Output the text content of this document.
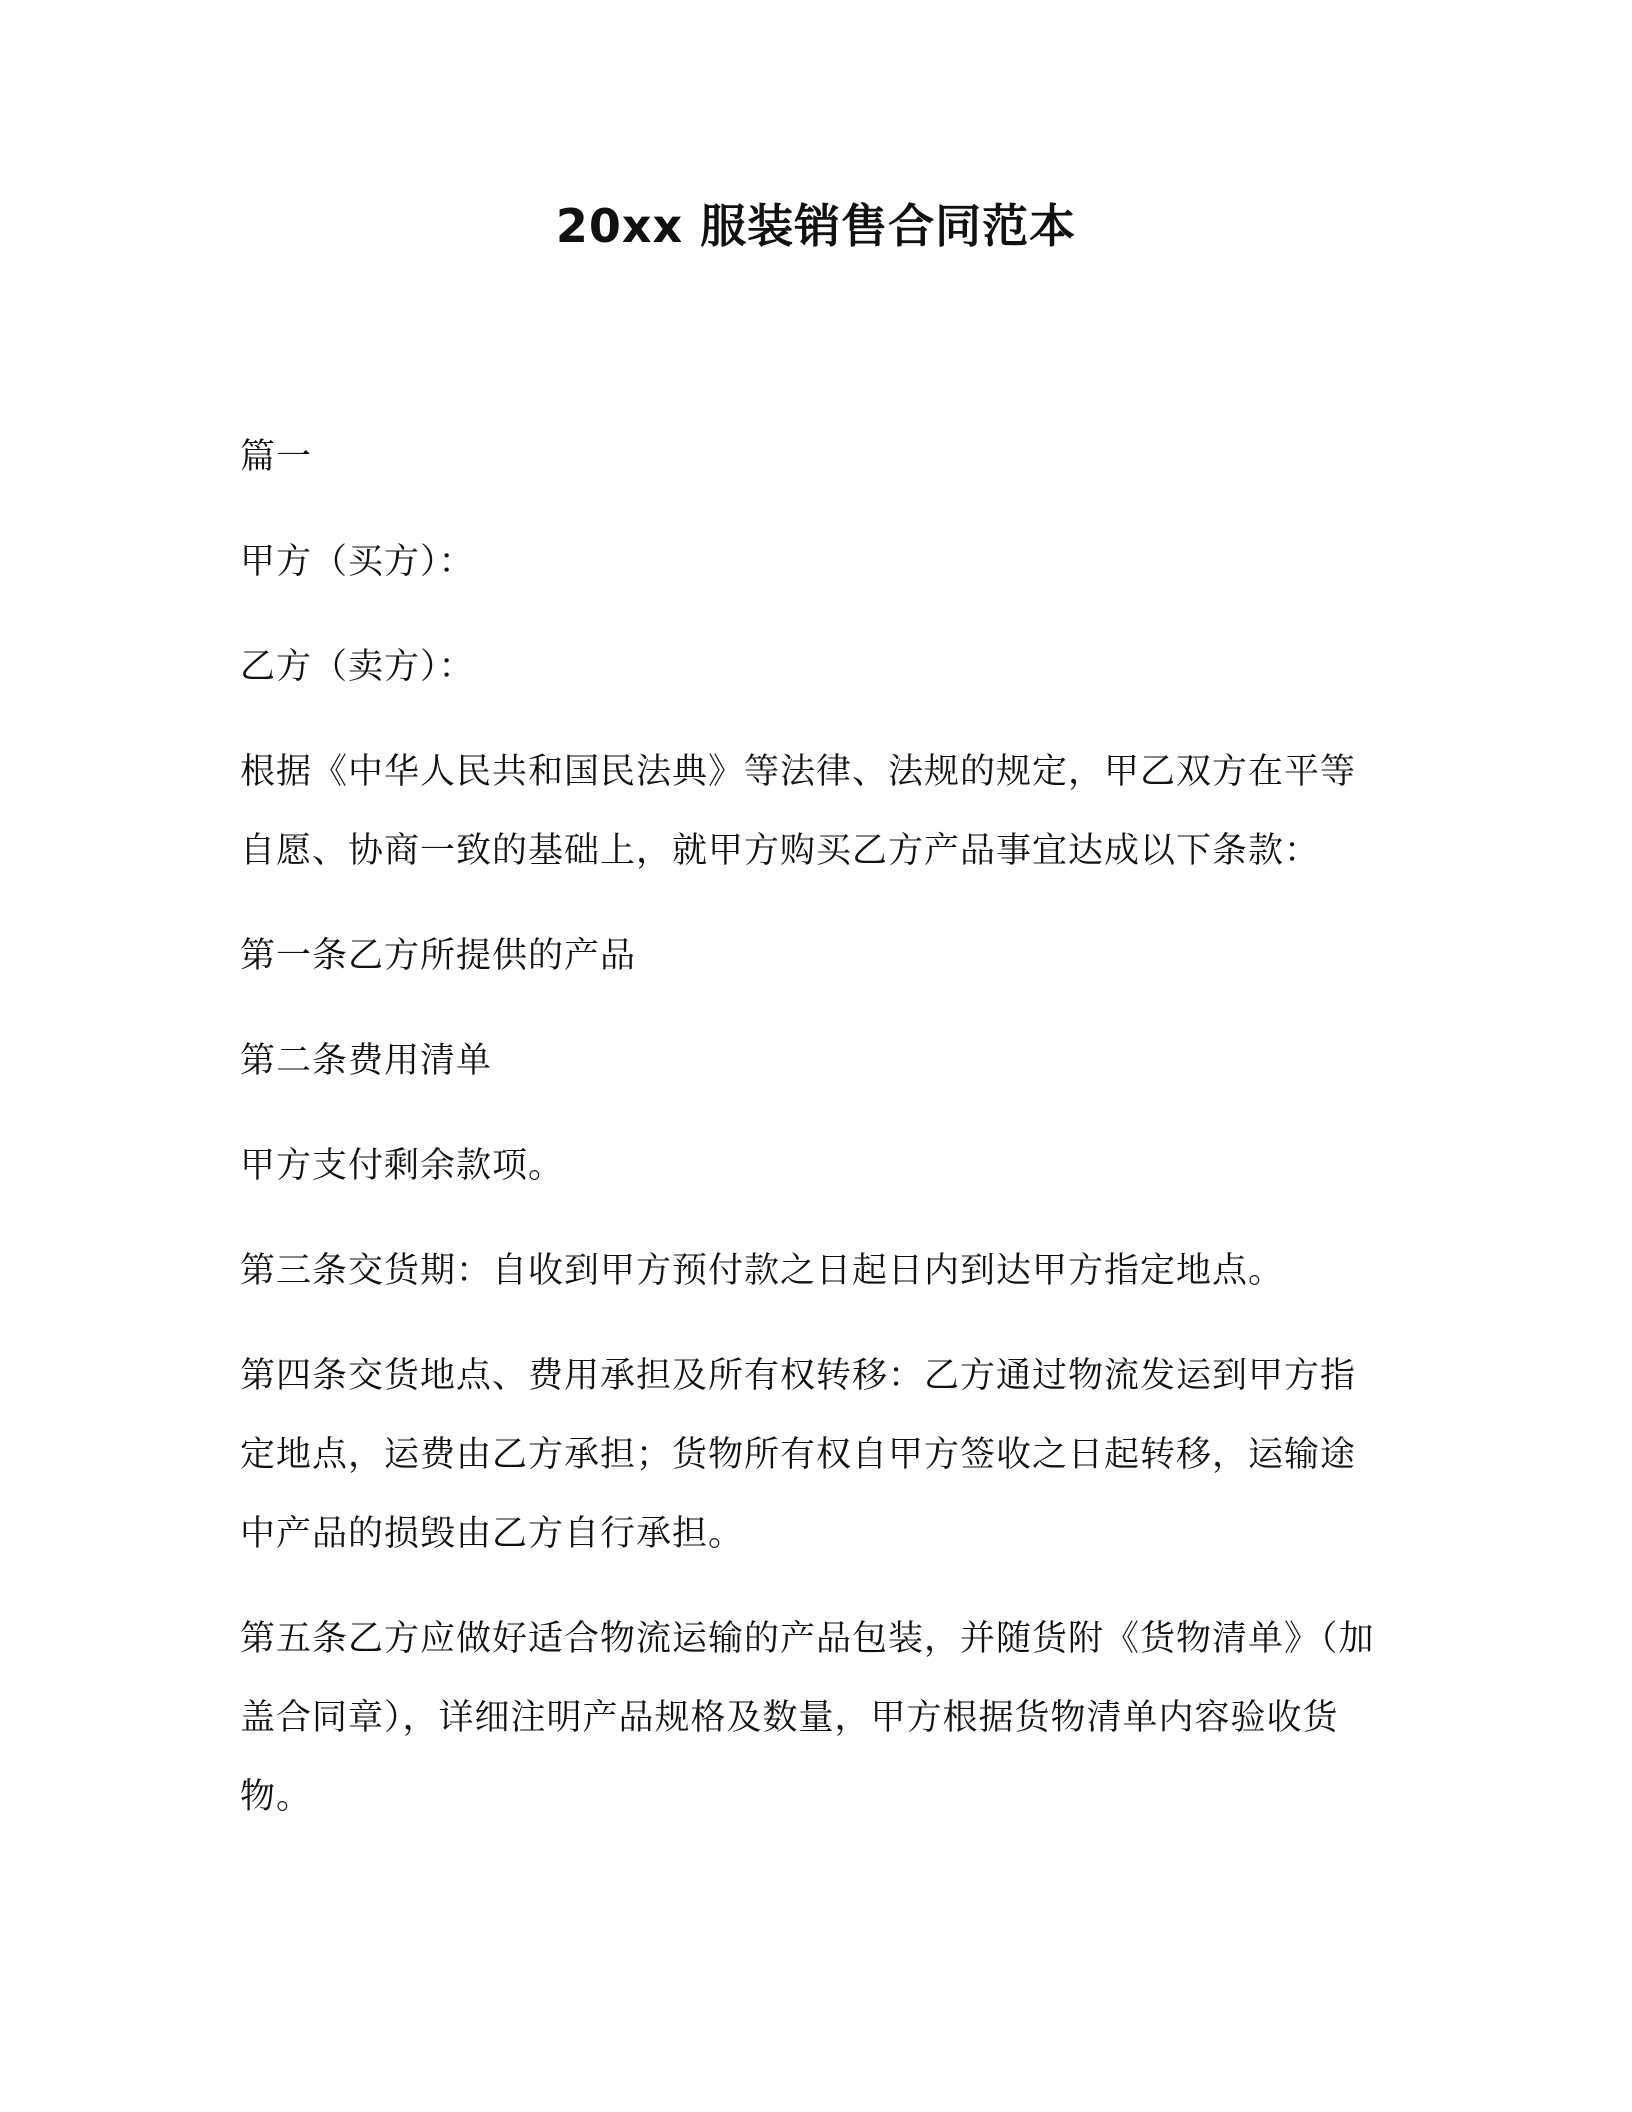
20xx 服装销售合同范本

篇一

甲方（买方）：

乙方（卖方）：

根据《中华人民共和国民法典》等法律、法规的规定，甲乙双方在平等自愿、协商一致的基础上，就甲方购买乙方产品事宜达成以下条款：

第一条乙方所提供的产品

第二条费用清单

甲方支付剩余款项。

第三条交货期：自收到甲方预付款之日起日内到达甲方指定地点。

第四条交货地点、费用承担及所有权转移：乙方通过物流发运到甲方指定地点，运费由乙方承担；货物所有权自甲方签收之日起转移，运输途中产品的损毁由乙方自行承担。

第五条乙方应做好适合物流运输的产品包装，并随货附《货物清单》（加盖合同章），详细注明产品规格及数量，甲方根据货物清单内容验收货物。
